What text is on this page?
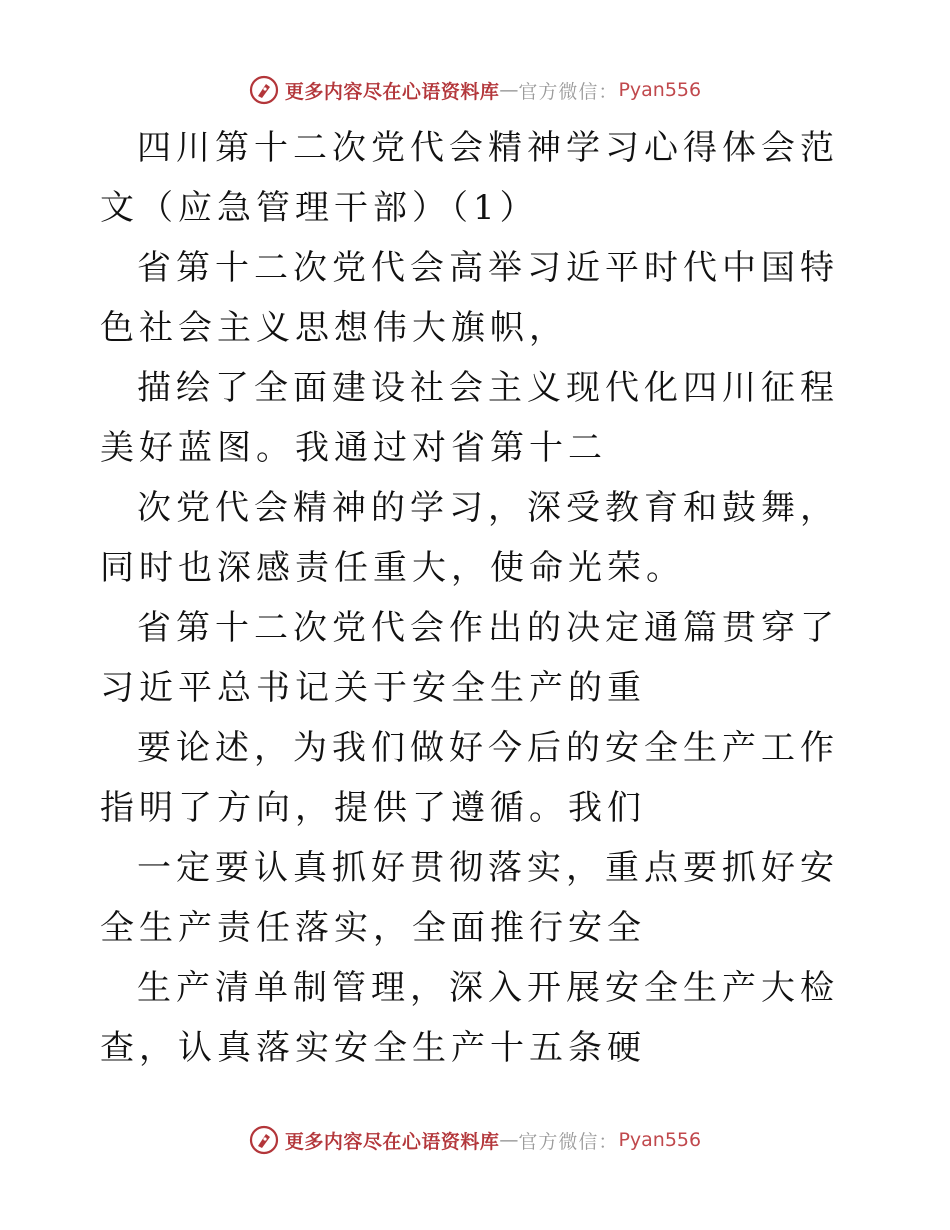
更多内容尽在心语资料库 — 官方微信： Pyan556

四川第十二次党代会精神学习心得体会范文（应急管理干部）（1）

省第十二次党代会高举习近平时代中国特色社会主义思想伟大旗帜，

描绘了全面建设社会主义现代化四川征程美好蓝图。我通过对省第十二

次党代会精神的学习，深受教育和鼓舞，同时也深感责任重大，使命光荣。

省第十二次党代会作出的决定通篇贯穿了习近平总书记关于安全生产的重

要论述，为我们做好今后的安全生产工作指明了方向，提供了遵循。我们

一定要认真抓好贯彻落实，重点要抓好安全生产责任落实，全面推行安全

生产清单制管理，深入开展安全生产大检查，认真落实安全生产十五条硬

更多内容尽在心语资料库 — 官方微信： Pyan556
